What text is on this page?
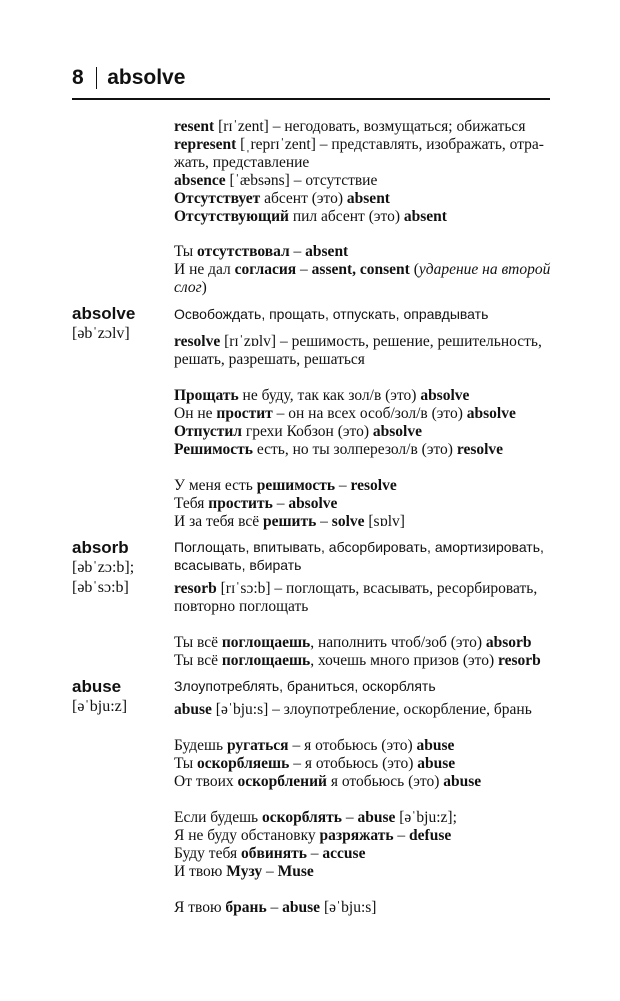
8 absolve

resent [rɪˈzent] – негодовать, возмущаться; обижаться

represent [ˌreprɪˈzent] – представлять, изображать, отра-

жать, представление

absence [ˈæbsəns] – отсутствие

Отсутствует абсент (это) absent

Отсутствующий пил абсент (это) absent

Ты отсутствовал – absent

И не дал согласия – assent, consent (ударение на второй

слог)

absolve
[əbˈzɔlv]

Освобождать, прощать, отпускать, оправдывать

resolve [rɪˈzɒlv] – решимость, решение, решительность,

решать, разрешать, решаться

Прощать не буду, так как зол/в (это) absolve

Он не простит – он на всех особ/зол/в (это) absolve

Отпустил грехи Кобзон (это) absolve

Решимость есть, но ты золперезол/в (это) resolve

У меня есть решимость – resolve

Тебя простить – absolve

И за тебя всё решить – solve [sɒlv]

absorb
[əbˈzɔ:b];
[əbˈsɔ:b]

Поглощать, впитывать, абсорбировать, амортизировать,

всасывать, вбирать

resorb [rɪˈsɔ:b] – поглощать, всасывать, ресорбировать,

повторно поглощать

Ты всё поглощаешь, наполнить чтоб/зоб (это) absorb

Ты всё поглощаешь, хочешь много призов (это) resorb

abuse
[əˈbju:z]

Злоупотреблять, браниться, оскорблять

abuse [əˈbju:s] – злоупотребление, оскорбление, брань

Будешь ругаться – я отобьюсь (это) abuse

Ты оскорбляешь – я отобьюсь (это) abuse

От твоих оскорблений я отобьюсь (это) abuse

Если будешь оскорблять – abuse [əˈbju:z];

Я не буду обстановку разряжать – defuse

Буду тебя обвинять – accuse

И твою Музу – Muse

Я твою брань – abuse [əˈbju:s]
